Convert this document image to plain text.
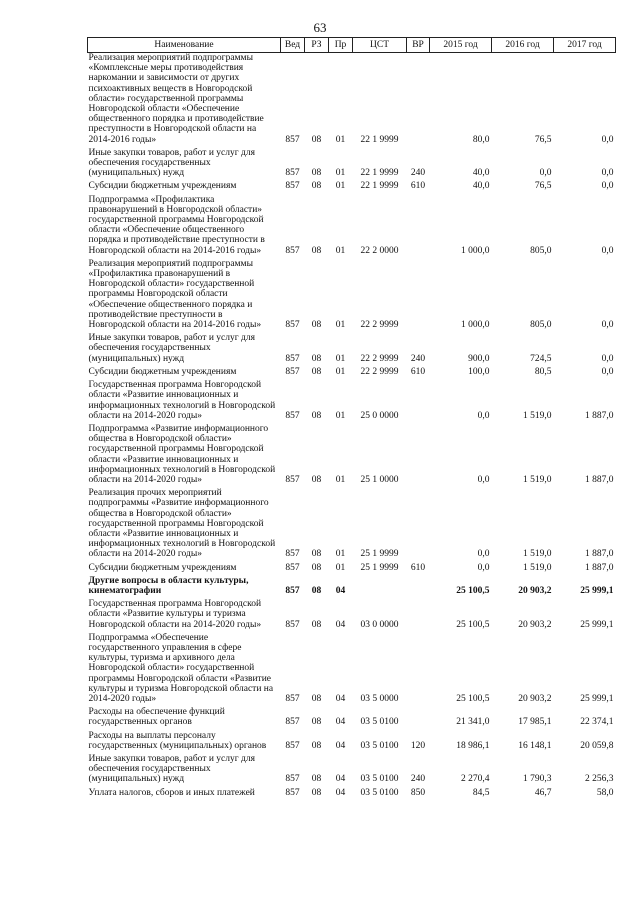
63
Наименование	Вед	РЗ	Пр	ЦСТ	ВР	2015 год	2016 год	2017 год
Реализация мероприятий подпрограммы «Комплексные меры противодействия наркомании и зависимости от других психоактивных веществ в Новгородской области» государственной программы Новгородской области «Обеспечение общественного порядка и противодействие преступности в Новгородской области на 2014-2016 годы»	857	08	01	22 1 9999		80,0	76,5	0,0

Иные закупки товаров, работ и услуг для обеспечения государственных (муниципальных) нужд	857	08	01	22 1 9999	240	40,0	0,0	0,0

Субсидии бюджетным учреждениям	857	08	01	22 1 9999	610	40,0	76,5	0,0

Подпрограмма «Профилактика правонарушений в Новгородской области» государственной программы Новгородской области «Обеспечение общественного порядка и противодействие преступности в Новгородской области на 2014-2016 годы»	857	08	01	22 2 0000		1 000,0	805,0	0,0

Реализация мероприятий подпрограммы «Профилактика правонарушений в Новгородской области» государственной программы Новгородской области «Обеспечение общественного порядка и противодействие преступности в Новгородской области на 2014-2016 годы»	857	08	01	22 2 9999		1 000,0	805,0	0,0

Иные закупки товаров, работ и услуг для обеспечения государственных (муниципальных) нужд	857	08	01	22 2 9999	240	900,0	724,5	0,0

Субсидии бюджетным учреждениям	857	08	01	22 2 9999	610	100,0	80,5	0,0

Государственная программа Новгородской области «Развитие инновационных и информационных технологий в Новгородской области на 2014-2020 годы»	857	08	01	25 0 0000		0,0	1 519,0	1 887,0

Подпрограмма «Развитие информационного общества в Новгородской области» государственной программы Новгородской области «Развитие инновационных и информационных технологий в Новгородской области на 2014-2020 годы»	857	08	01	25 1 0000		0,0	1 519,0	1 887,0

Реализация прочих мероприятий подпрограммы «Развитие информационного общества в Новгородской области» государственной программы Новгородской области «Развитие инновационных и информационных технологий в Новгородской области на 2014-2020 годы»	857	08	01	25 1 9999		0,0	1 519,0	1 887,0

Субсидии бюджетным учреждениям	857	08	01	25 1 9999	610	0,0	1 519,0	1 887,0

Другие вопросы в области культуры, кинематографии	857	08	04			25 100,5	20 903,2	25 999,1

Государственная программа Новгородской области «Развитие культуры и туризма Новгородской области на 2014-2020 годы»	857	08	04	03 0 0000		25 100,5	20 903,2	25 999,1

Подпрограмма «Обеспечение государственного управления в сфере культуры, туризма и архивного дела Новгородской области» государственной программы Новгородской области «Развитие культуры и туризма Новгородской области на 2014-2020 годы»	857	08	04	03 5 0000		25 100,5	20 903,2	25 999,1

Расходы на обеспечение функций государственных органов	857	08	04	03 5 0100		21 341,0	17 985,1	22 374,1

Расходы на выплаты персоналу государственных (муниципальных) органов	857	08	04	03 5 0100	120	18 986,1	16 148,1	20 059,8

Иные закупки товаров, работ и услуг для обеспечения государственных (муниципальных) нужд	857	08	04	03 5 0100	240	2 270,4	1 790,3	2 256,3

Уплата налогов, сборов и иных платежей	857	08	04	03 5 0100	850	84,5	46,7	58,0
